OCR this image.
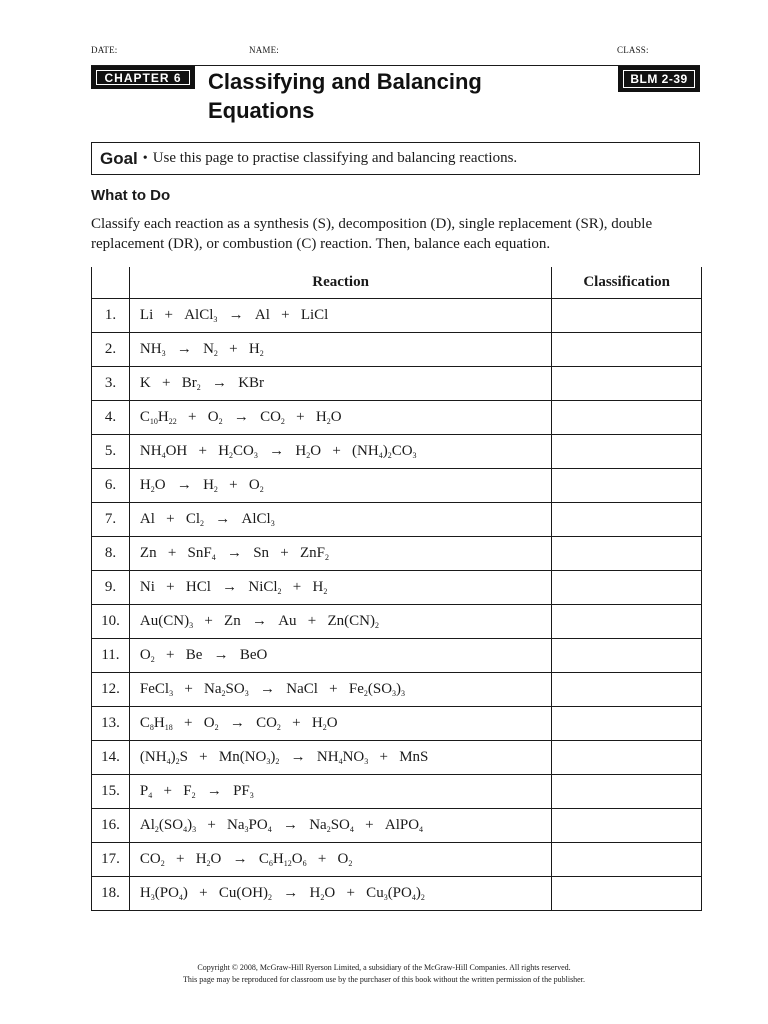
DATE:	NAME:	CLASS:
CHAPTER 6 Classifying and Balancing Equations
BLM 2-39
Goal • Use this page to practise classifying and balancing reactions.
What to Do
Classify each reaction as a synthesis (S), decomposition (D), single replacement (SR), double replacement (DR), or combustion (C) reaction. Then, balance each equation.
	Reaction	Classification
1.	Li   +   AlCl$_3$   →   Al   +   LiCl	
2.	$NH_3 \to N_2 + H_2$	
3.	$K + Br_2$   →   KBr	
4.	$C_{10}H_{22} + O_2 \to CO_2 + H_2O$	
5.	$NH_4OH + H_2CO_3 \to H_2O + (NH_4)_2CO_3$	
6.	$H_2O \to H_2 + O_2$	
7.	$Al + Cl_2$   →   AlCl$_3$	
8.	Zn   +   SnF$_4$   →   Sn   +   ZnF$_2$	
9.	Ni   +   HCl   →   NiCl$_2$   +   $H_2$	
10.	$Au(CN)_3 + Zn \to Au + Zn(CN)_2$	
11.	$O_2 + Be$   →   BeO	
12.	FeCl$_3$   +   $Na_2SO_3$   →   NaCl   +   $Fe_2(SO_3)_3$	
13.	$C_8H_{18} + O_2 \to CO_2 + H_2O$	
14.	$(NH_4)_2S + Mn(NO_3)_2 \to NH_4NO_3$   +   MnS	
15.	$P_4 + F_2 \to PF_3$	
16.	$Al_2(SO_4)_3 + Na_3PO_4 \to Na_2SO_4$   +   AlPO$_4$	
17.	$CO_2 + H_2O \to C_6H_{12}O_6 + O_2$	
18.	$H_3(PO_4) + Cu(OH)_2 \to H_2O + Cu_3(PO_4)_2$	
Copyright © 2008, McGraw-Hill Ryerson Limited, a subsidiary of the McGraw-Hill Companies. All rights reserved.
This page may be reproduced for classroom use by the purchaser of this book without the written permission of the publisher.
